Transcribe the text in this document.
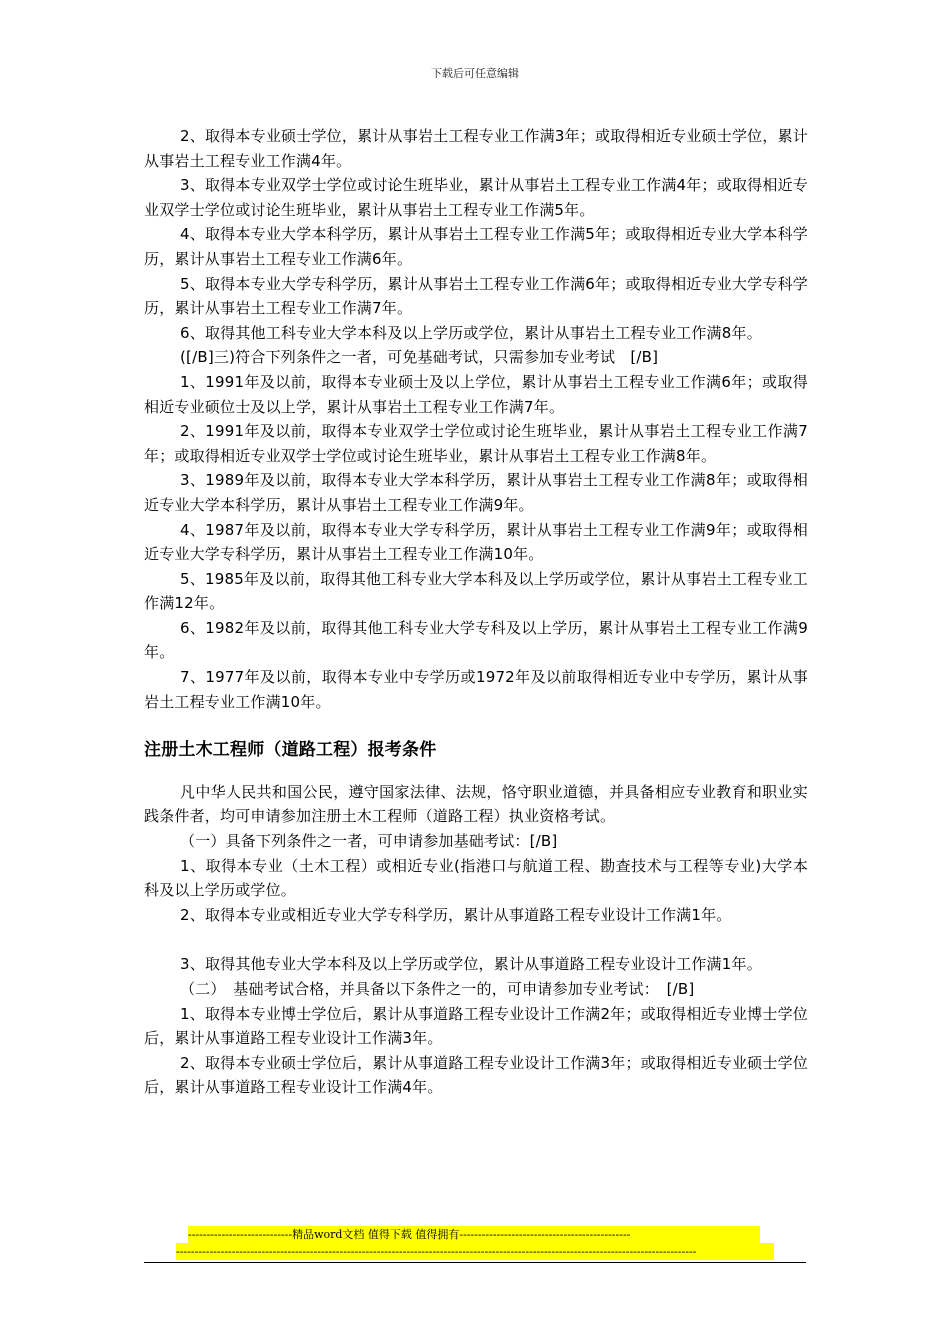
下载后可任意编辑

2、取得本专业硕士学位，累计从事岩土工程专业工作满3年；或取得相近专业硕士学位，累计从事岩土工程专业工作满4年。

3、取得本专业双学士学位或讨论生班毕业，累计从事岩土工程专业工作满4年；或取得相近专业双学士学位或讨论生班毕业，累计从事岩土工程专业工作满5年。

4、取得本专业大学本科学历，累计从事岩土工程专业工作满5年；或取得相近专业大学本科学历，累计从事岩土工程专业工作满6年。

5、取得本专业大学专科学历，累计从事岩土工程专业工作满6年；或取得相近专业大学专科学历，累计从事岩土工程专业工作满7年。

6、取得其他工科专业大学本科及以上学历或学位，累计从事岩土工程专业工作满8年。

([/B]三)符合下列条件之一者，可免基础考试，只需参加专业考试　[/B]

1、1991年及以前，取得本专业硕士及以上学位，累计从事岩土工程专业工作满6年；或取得相近专业硕位士及以上学，累计从事岩土工程专业工作满7年。

2、1991年及以前，取得本专业双学士学位或讨论生班毕业，累计从事岩土工程专业工作满7年；或取得相近专业双学士学位或讨论生班毕业，累计从事岩土工程专业工作满8年。

3、1989年及以前，取得本专业大学本科学历，累计从事岩土工程专业工作满8年；或取得相近专业大学本科学历，累计从事岩土工程专业工作满9年。

4、1987年及以前，取得本专业大学专科学历，累计从事岩土工程专业工作满9年；或取得相近专业大学专科学历，累计从事岩土工程专业工作满10年。

5、1985年及以前，取得其他工科专业大学本科及以上学历或学位，累计从事岩土工程专业工作满12年。

6、1982年及以前，取得其他工科专业大学专科及以上学历，累计从事岩土工程专业工作满9年。

7、1977年及以前，取得本专业中专学历或1972年及以前取得相近专业中专学历，累计从事岩土工程专业工作满10年。

注册土木工程师（道路工程）报考条件

凡中华人民共和国公民，遵守国家法律、法规，恪守职业道德，并具备相应专业教育和职业实践条件者，均可申请参加注册土木工程师（道路工程）执业资格考试。

（一）具备下列条件之一者，可申请参加基础考试：[/B]

1、取得本专业（土木工程）或相近专业(指港口与航道工程、勘查技术与工程等专业)大学本科及以上学历或学位。

2、取得本专业或相近专业大学专科学历，累计从事道路工程专业设计工作满1年。

3、取得其他专业大学本科及以上学历或学位，累计从事道路工程专业设计工作满1年。

（二）　基础考试合格，并具备以下条件之一的，可申请参加专业考试：　[/B]

1、取得本专业博士学位后，累计从事道路工程专业设计工作满2年；或取得相近专业博士学位后，累计从事道路工程专业设计工作满3年。

2、取得本专业硕士学位后，累计从事道路工程专业设计工作满3年；或取得相近专业硕士学位后，累计从事道路工程专业设计工作满4年。

----------------------------精品word文档 值得下载 值得拥有----------------------------------------------
--------------------------------------------------------------------------------------------------------------------------------------------
